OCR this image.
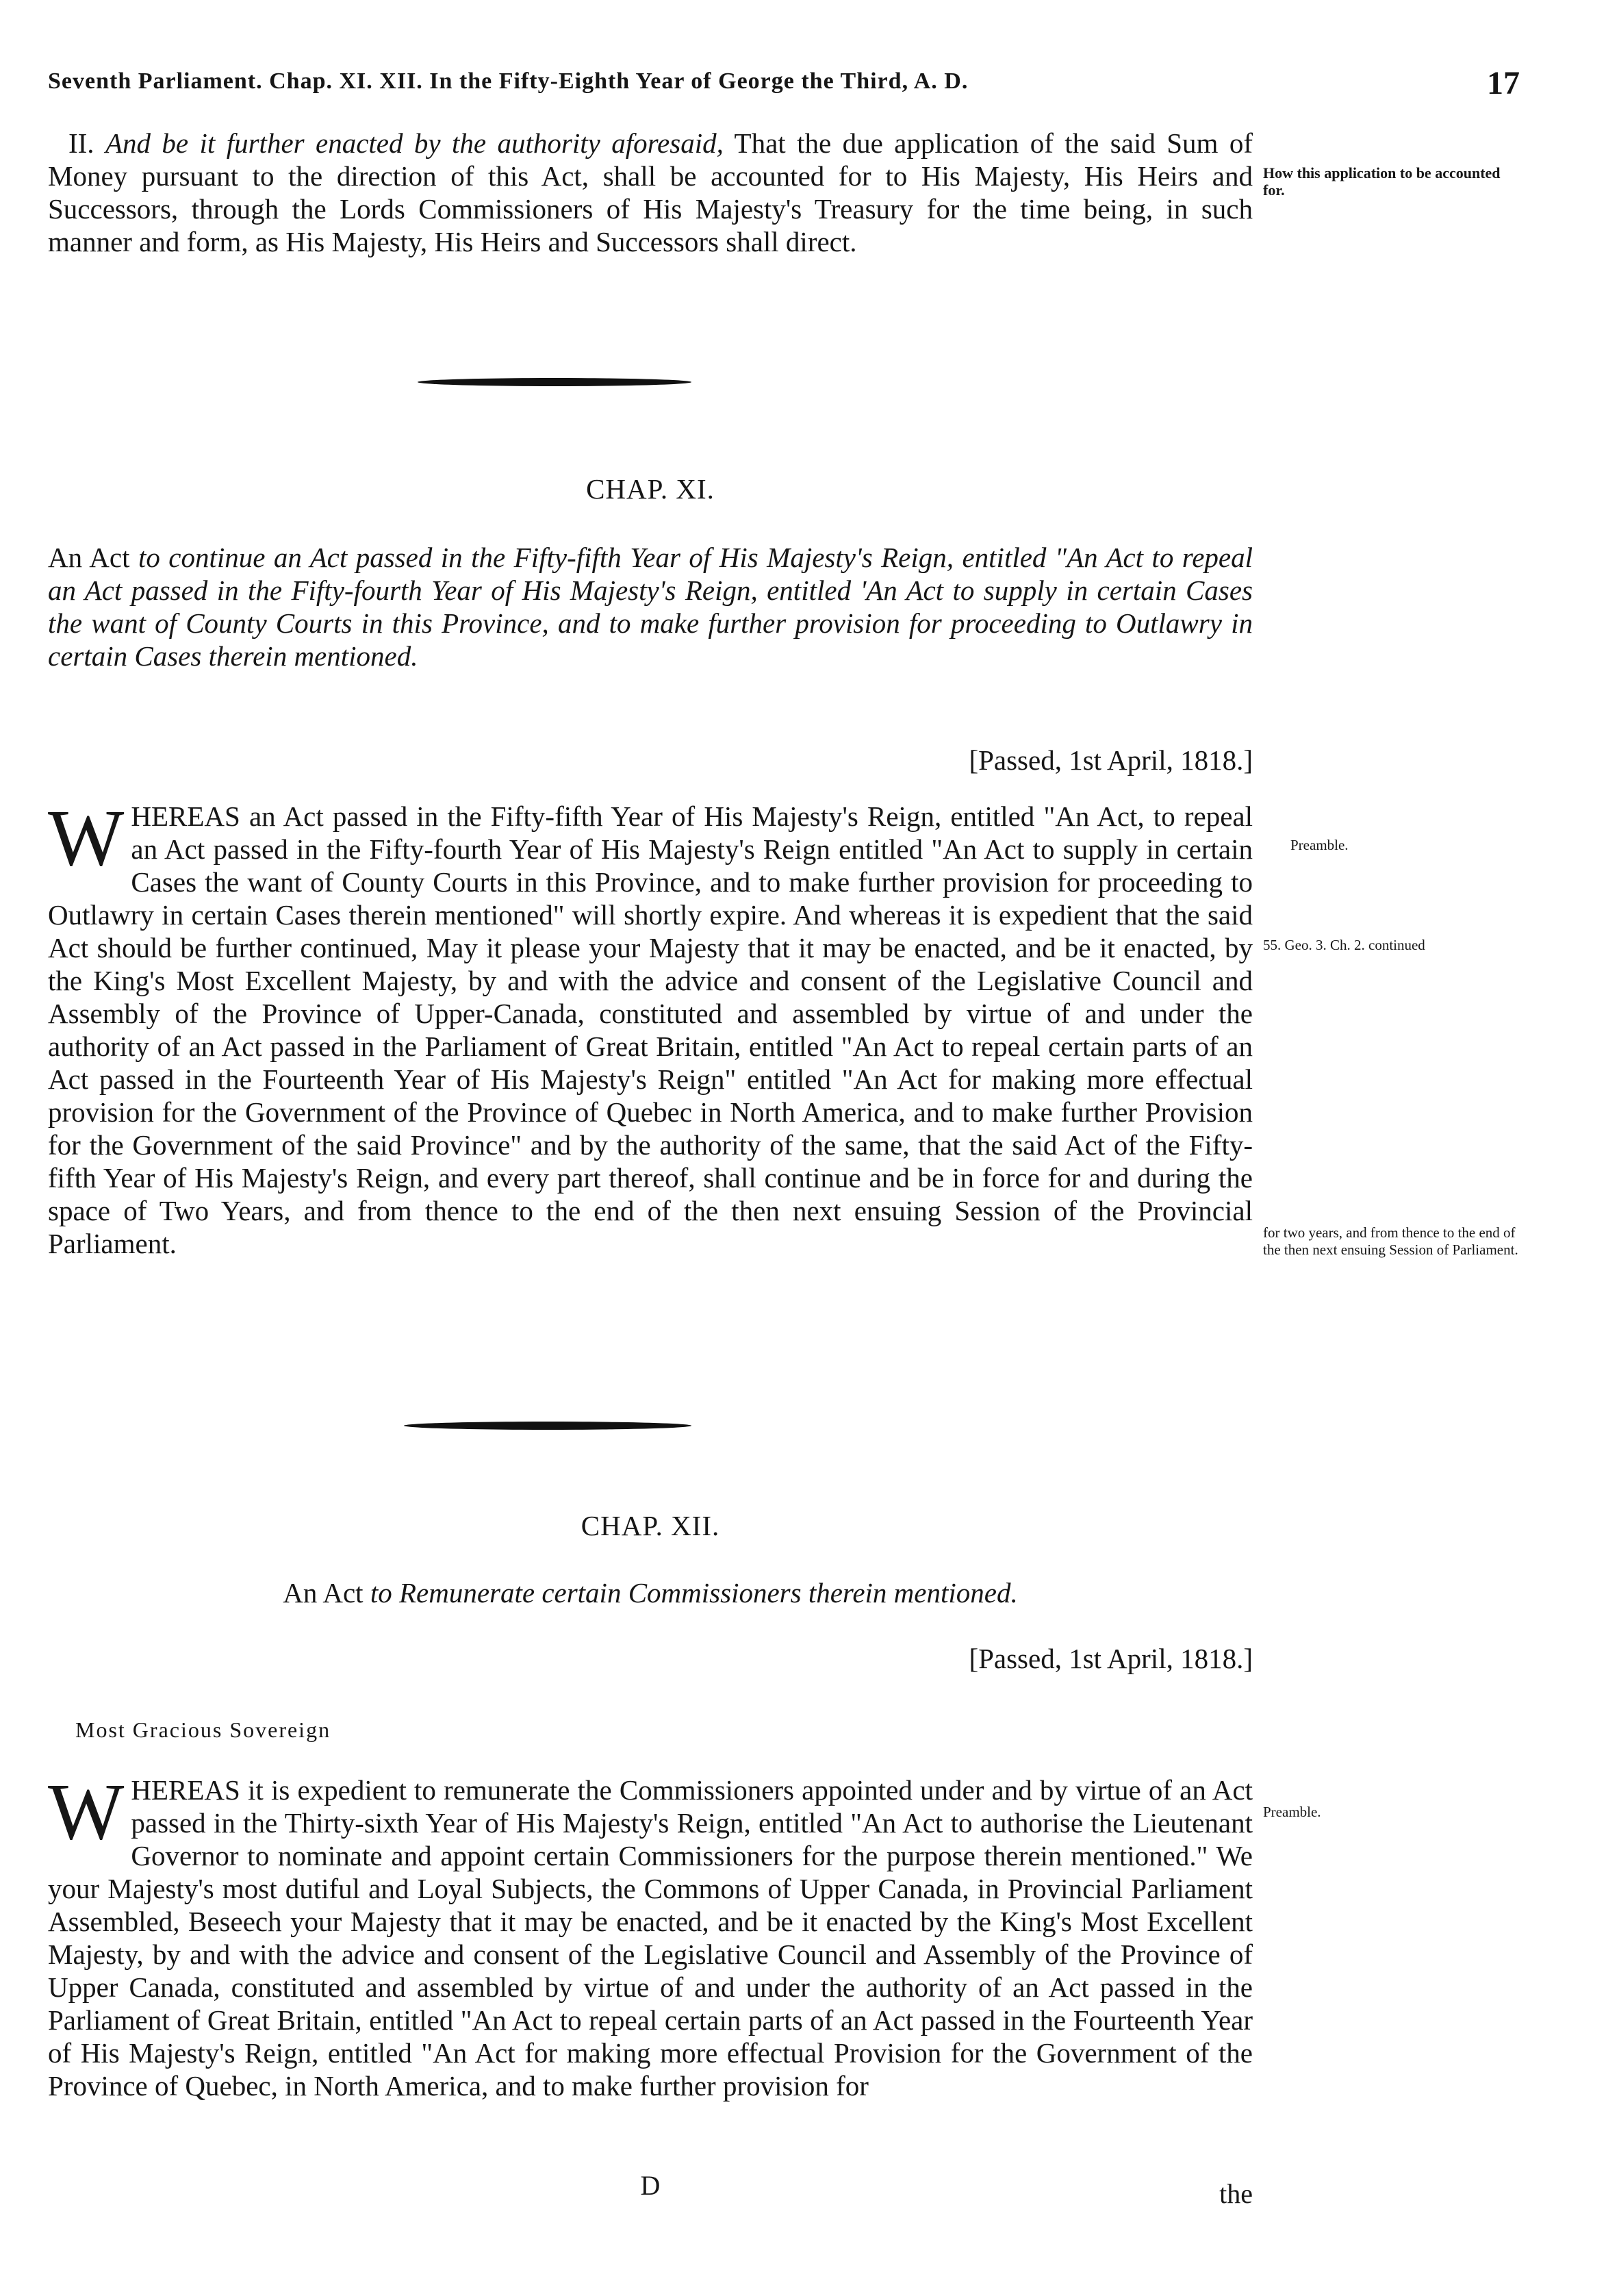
Seventh Parliament. Chap. XI. XII. In the Fifty-Eighth Year of George the Third, A. D.	17

II. And be it further enacted by the authority aforesaid, That the due application of the said Sum of Money pursuant to the direction of this Act, shall be accounted for to His Majesty, His Heirs and Successors, through the Lords Commissioners of His Majesty's Treasury for the time being, in such manner and form, as His Majesty, His Heirs and Successors shall direct.

CHAP. XI.
An Act to continue an Act passed in the Fifty-fifth Year of His Majesty's Reign, entitled "An Act to repeal an Act passed in the Fifty-fourth Year of His Majesty's Reign, entitled 'An Act to supply in certain Cases the want of County Courts in this Province, and to make further provision for proceeding to Outlawry in certain Cases therein mentioned.
[Passed, 1st April, 1818.]

W HEREAS an Act passed in the Fifty-fifth Year of His Majesty's Reign, entitled "An Act, to repeal an Act passed in the Fifty-fourth Year of His Majesty's Reign entitled "An Act to supply in certain Cases the want of County Courts in this Province, and to make further provision for proceeding to Outlawry in certain Cases therein mentioned" will shortly expire. And whereas it is expedient that the said Act should be further continued, May it please your Majesty that it may be enacted, and be it enacted, by the King's Most Excellent Majesty, by and with the advice and consent of the Legislative Council and Assembly of the Province of Upper-Canada, constituted and assembled by virtue of and under the authority of an Act passed in the Parliament of Great Britain, entitled "An Act to repeal certain parts of an Act passed in the Fourteenth Year of His Majesty's Reign" entitled "An Act for making more effectual provision for the Government of the Province of Quebec in North America, and to make further Provision for the Government of the said Province" and by the authority of the same, that the said Act of the Fifty-fifth Year of His Majesty's Reign, and every part thereof, shall continue and be in force for and during the space of Two Years, and from thence to the end of the then next ensuing Session of the Provincial Parliament.

CHAP. XII.
An Act to Remunerate certain Commissioners therein mentioned.
[Passed, 1st April, 1818.]
Most Gracious Sovereign

W HEREAS it is expedient to remunerate the Commissioners appointed under and by virtue of an Act passed in the Thirty-sixth Year of His Majesty's Reign, entitled "An Act to authorise the Lieutenant Governor to nominate and appoint certain Commissioners for the purpose therein mentioned." We your Majesty's most dutiful and Loyal Subjects, the Commons of Upper Canada, in Provincial Parliament Assembled, Beseech your Majesty that it may be enacted, and be it enacted by the King's Most Excellent Majesty, by and with the advice and consent of the Legislative Council and Assembly of the Province of Upper Canada, constituted and assembled by virtue of and under the authority of an Act passed in the Parliament of Great Britain, entitled "An Act to repeal certain parts of an Act passed in the Fourteenth Year of His Majesty's Reign, entitled "An Act for making more effectual Provision for the Government of the Province of Quebec, in North America, and to make further provision for

D	the
How this application to be accounted for.
Preamble.
55. Geo. 3. Ch. 2. continued
for two years, and from thence to the end of the then next ensuing Session of Parliament.
Preamble.
